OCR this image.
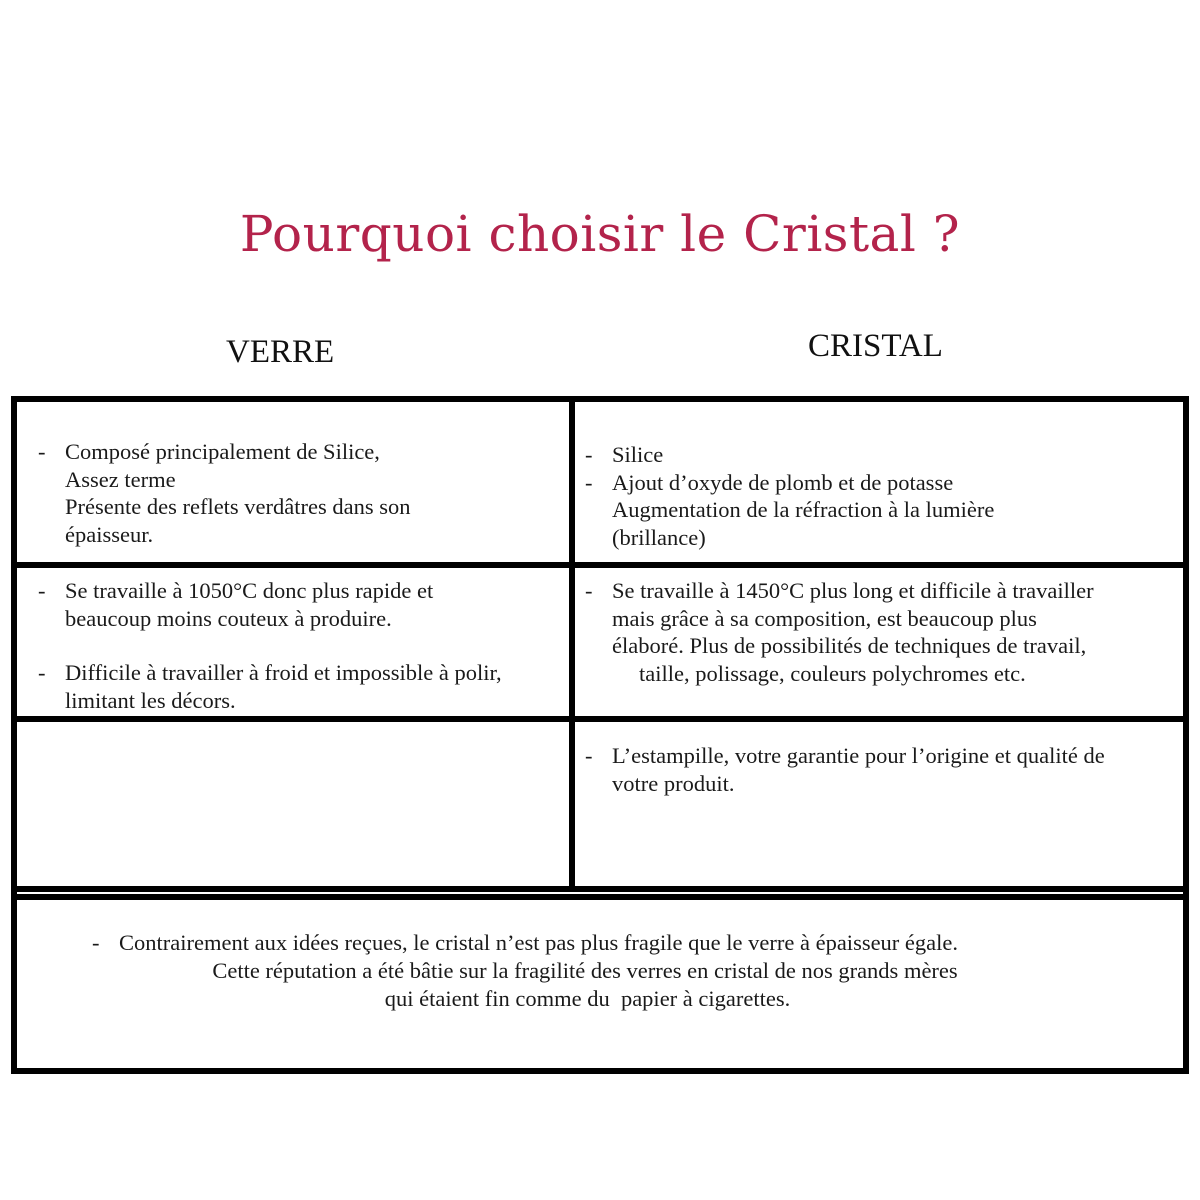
Pourquoi choisir le Cristal ?
VERRE	CRISTAL
- Composé principalement de Silice,
Assez terme
Présente des reflets verdâtres dans son
épaisseur.
- Silice
- Ajout d’oxyde de plomb et de potasse
Augmentation de la réfraction à la lumière
(brillance)
- Se travaille à 1050°C donc plus rapide et
beaucoup moins couteux à produire.
- Difficile à travailler à froid et impossible à polir,
limitant les décors.
- Se travaille à 1450°C plus long et difficile à travailler
mais grâce à sa composition, est beaucoup plus
élaboré. Plus de possibilités de techniques de travail,
taille, polissage, couleurs polychromes etc.
- L’estampille, votre garantie pour l’origine et qualité de
votre produit.
- Contrairement aux idées reçues, le cristal n’est pas plus fragile que le verre à épaisseur égale.
Cette réputation a été bâtie sur la fragilité des verres en cristal de nos grands mères
qui étaient fin comme du  papier à cigarettes.
